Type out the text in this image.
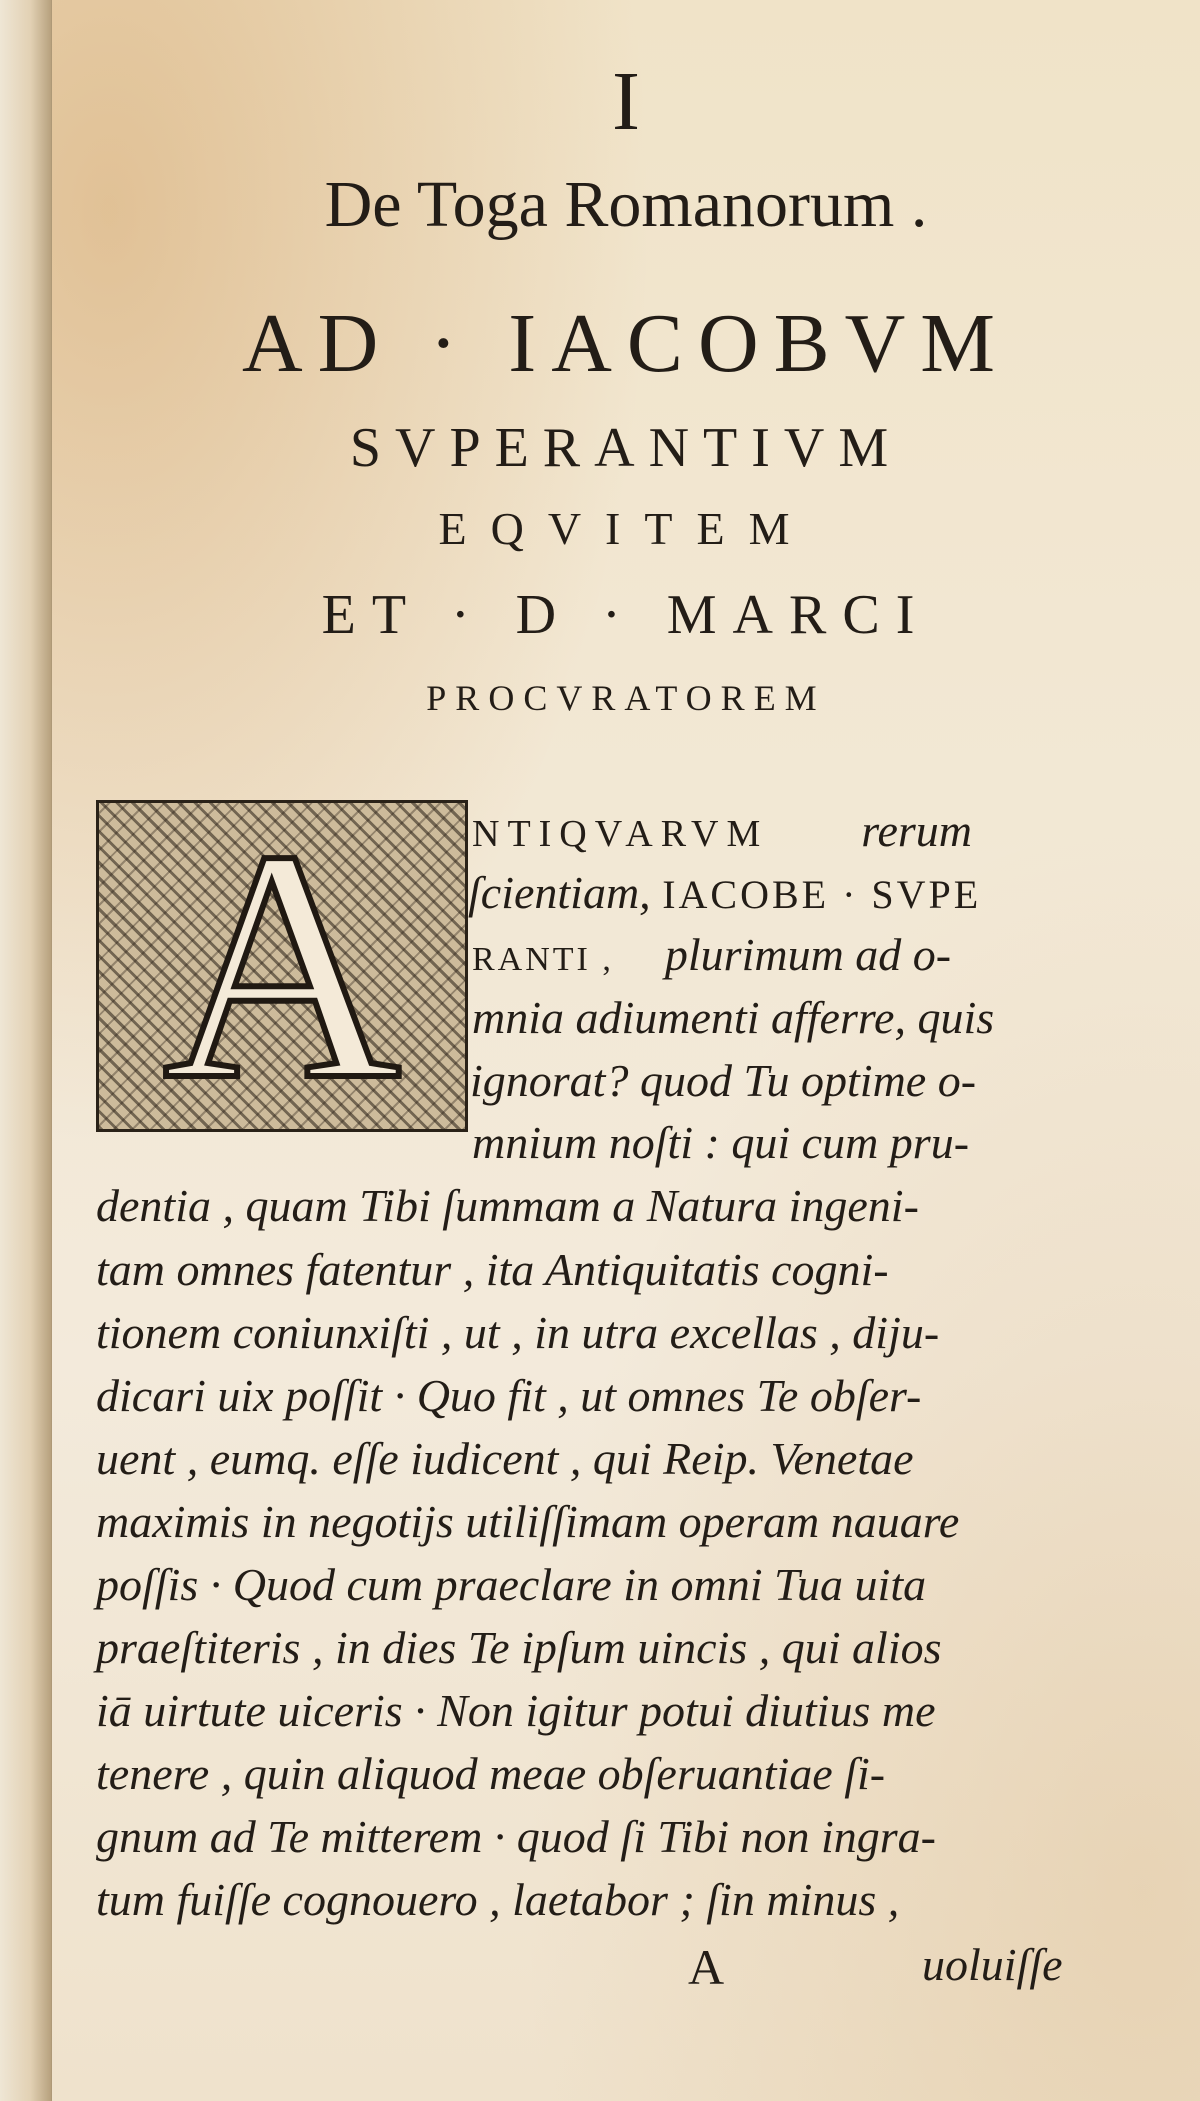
I

De Toga Romanorum .

AD · IACOBVM

SVPERANTIVM

EQVITEM

ET · D · MARCI

PROCVRATOREM

A	NTIQVARVM rerum

ſcientiam, IACOBE · SVPE

RANTI , plurimum ad o-

mnia adiumenti afferre, quis

ignorat? quod Tu optime o-

mnium noſti : qui cum pru-

dentia , quam Tibi ſummam a Natura ingeni-

tam omnes fatentur , ita Antiquitatis cogni-

tionem coniunxiſti , ut , in utra excellas , diju-

dicari uix poſſit · Quo fit , ut omnes Te obſer-

uent , eumq. eſſe iudicent , qui Reip. Venetae

maximis in negotijs utiliſſimam operam nauare

poſſis · Quod cum praeclare in omni Tua uita

praeſtiteris , in dies Te ipſum uincis , qui alios

iā uirtute uiceris · Non igitur potui diutius me

tenere , quin aliquod meae obſeruantiae ſi-

gnum ad Te mitterem · quod ſi Tibi non ingra-

tum fuiſſe cognouero , laetabor ; ſin minus ,

A	uoluiſſe
